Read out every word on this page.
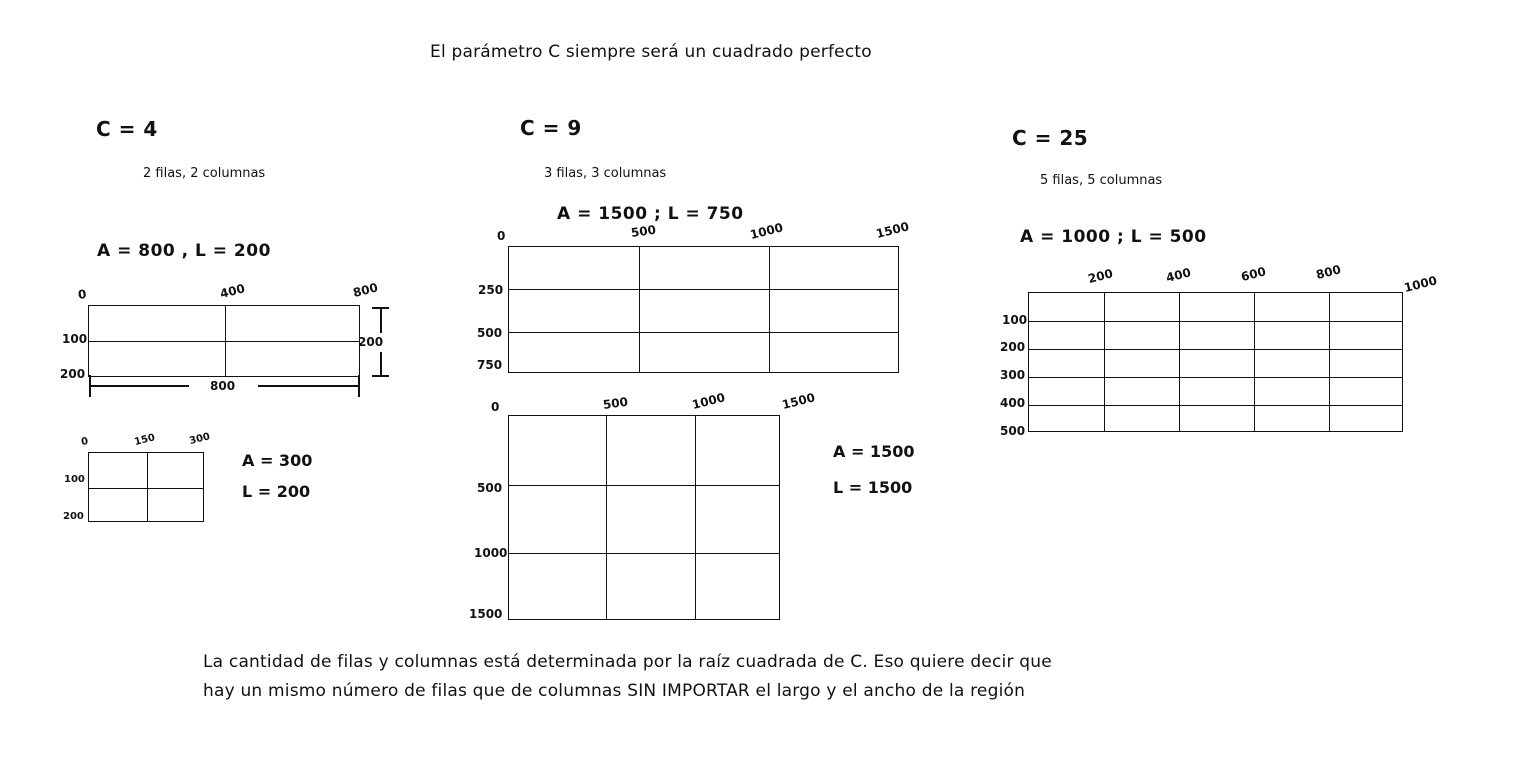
El parámetro C siempre será un cuadrado perfecto
C = 4
2 filas, 2 columnas
A = 800 , L = 200
0	400	800
100
200
200
800
0	150	300
100
200
A = 300
L = 200
C = 9
3 filas, 3 columnas
A = 1500 ; L = 750
0	500	1000	1500
250
500
750
0	500	1000	1500
500
1000
1500
A = 1500
L = 1500
C = 25
5 filas, 5 columnas
A = 1000 ; L = 500
200	400	600	800
1000
100
200
300
400
500
La cantidad de filas y columnas está determinada por la raíz cuadrada de C. Eso quiere decir que
hay un mismo número de filas que de columnas SIN IMPORTAR el largo y el ancho de la región
